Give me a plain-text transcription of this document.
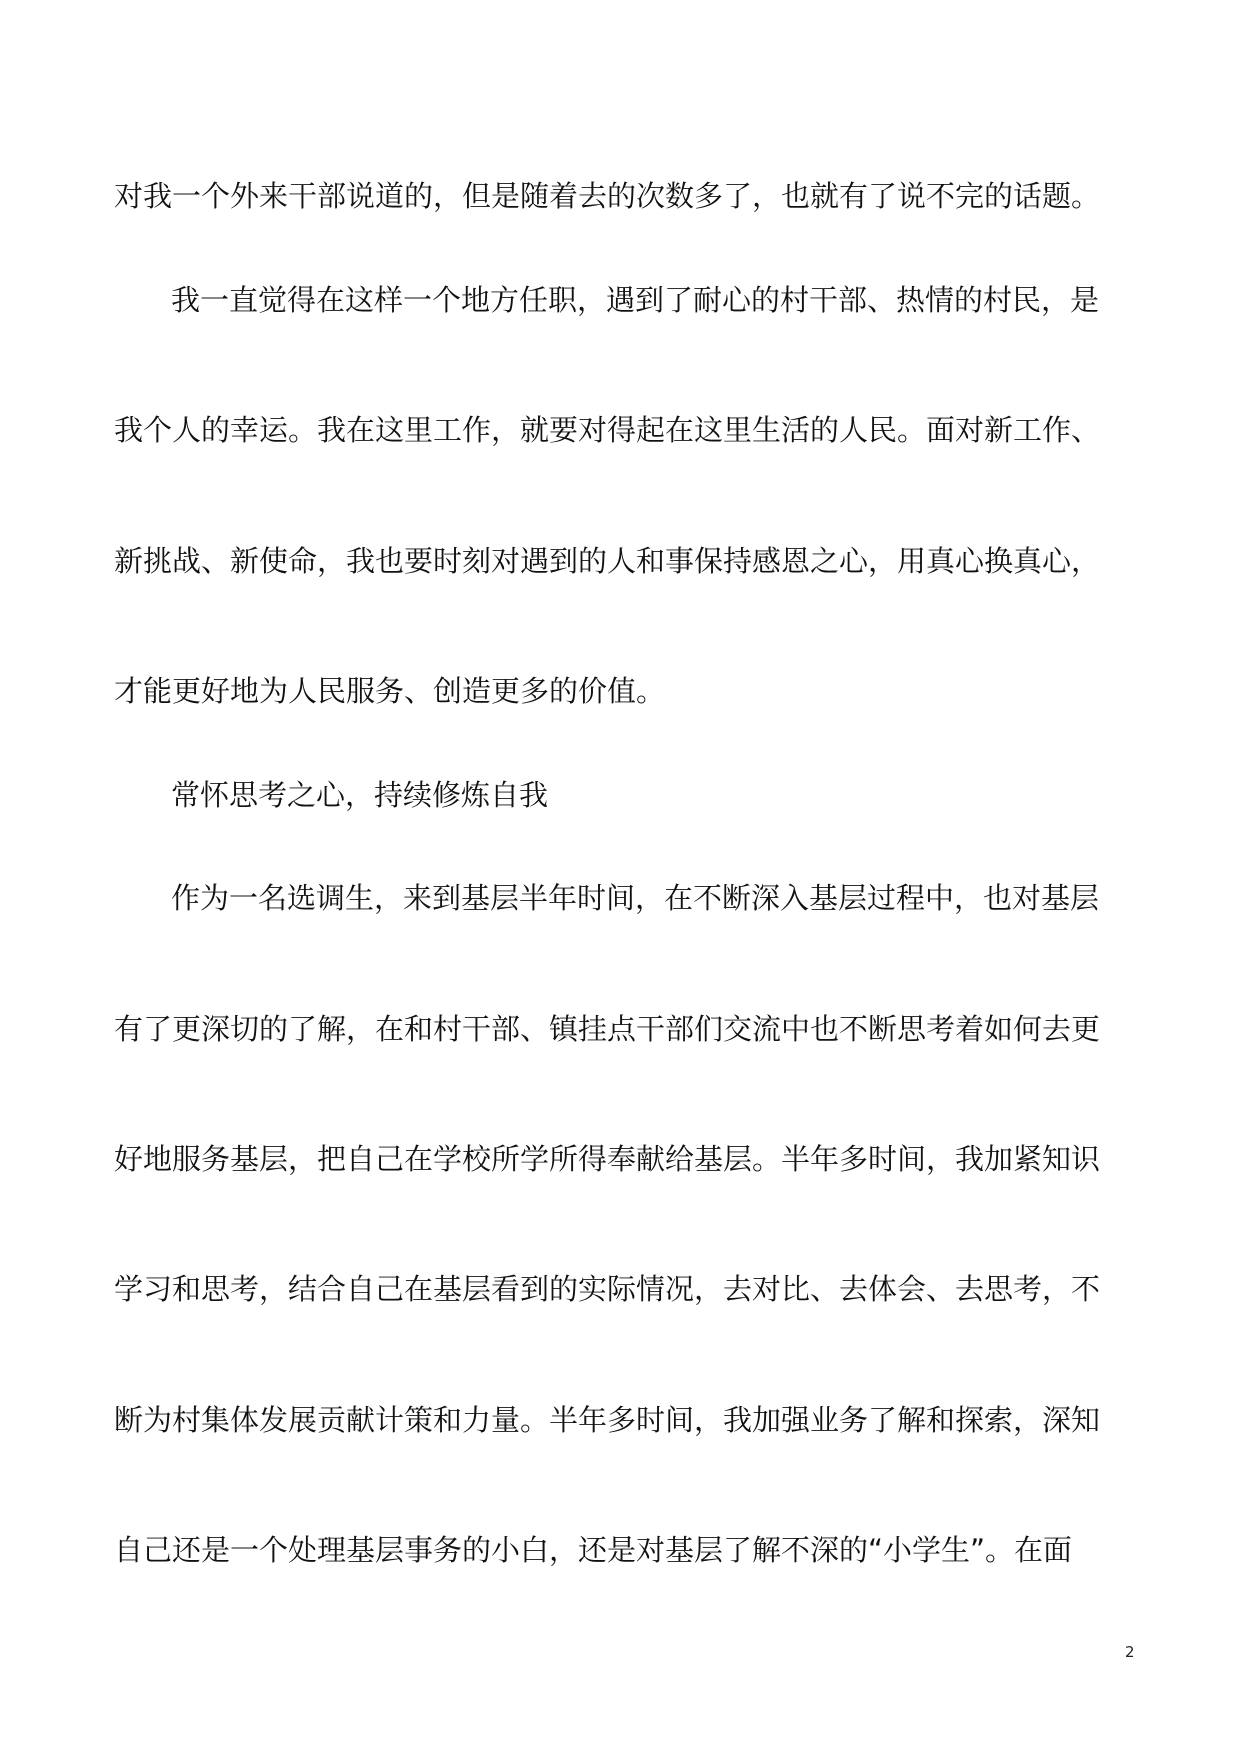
对我一个外来干部说道的，但是随着去的次数多了，也就有了说不完的话题。
我一直觉得在这样一个地方任职，遇到了耐心的村干部、热情的村民，是
我个人的幸运。我在这里工作，就要对得起在这里生活的人民。面对新工作、
新挑战、新使命，我也要时刻对遇到的人和事保持感恩之心，用真心换真心，
才能更好地为人民服务、创造更多的价值。
常怀思考之心，持续修炼自我
作为一名选调生，来到基层半年时间，在不断深入基层过程中，也对基层
有了更深切的了解，在和村干部、镇挂点干部们交流中也不断思考着如何去更
好地服务基层，把自己在学校所学所得奉献给基层。半年多时间，我加紧知识
学习和思考，结合自己在基层看到的实际情况，去对比、去体会、去思考，不
断为村集体发展贡献计策和力量。半年多时间，我加强业务了解和探索，深知
自己还是一个处理基层事务的小白，还是对基层了解不深的“小学生”。在面
2
